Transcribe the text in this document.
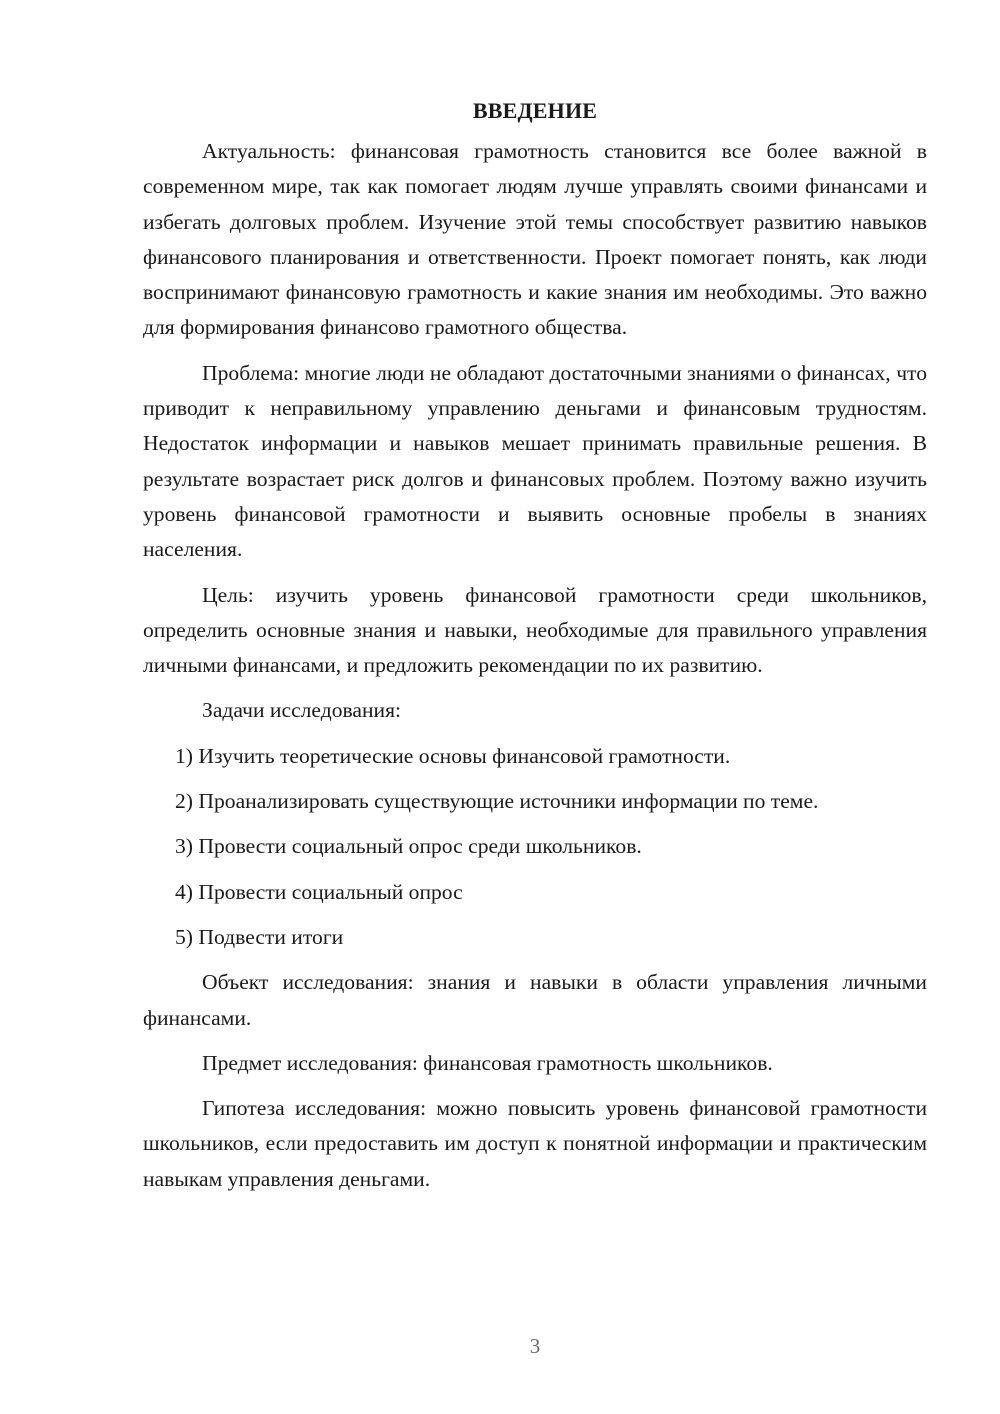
ВВЕДЕНИЕ

Актуальность: финансовая грамотность становится все более важной в современном мире, так как помогает людям лучше управлять своими финансами и избегать долговых проблем. Изучение этой темы способствует развитию навыков финансового планирования и ответственности. Проект помогает понять, как люди воспринимают финансовую грамотность и какие знания им необходимы. Это важно для формирования финансово грамотного общества.

Проблема: многие люди не обладают достаточными знаниями о финансах, что приводит к неправильному управлению деньгами и финансовым трудностям. Недостаток информации и навыков мешает принимать правильные решения. В результате возрастает риск долгов и финансовых проблем. Поэтому важно изучить уровень финансовой грамотности и выявить основные пробелы в знаниях населения.

Цель: изучить уровень финансовой грамотности среди школьников, определить основные знания и навыки, необходимые для правильного управления личными финансами, и предложить рекомендации по их развитию.

Задачи исследования:

1) Изучить теоретические основы финансовой грамотности.

2) Проанализировать существующие источники информации по теме.

3) Провести социальный опрос среди школьников.

4) Провести социальный опрос

5) Подвести итоги

Объект исследования: знания и навыки в области управления личными финансами.

Предмет исследования: финансовая грамотность школьников.

Гипотеза исследования: можно повысить уровень финансовой грамотности школьников, если предоставить им доступ к понятной информации и практическим навыкам управления деньгами.

3
